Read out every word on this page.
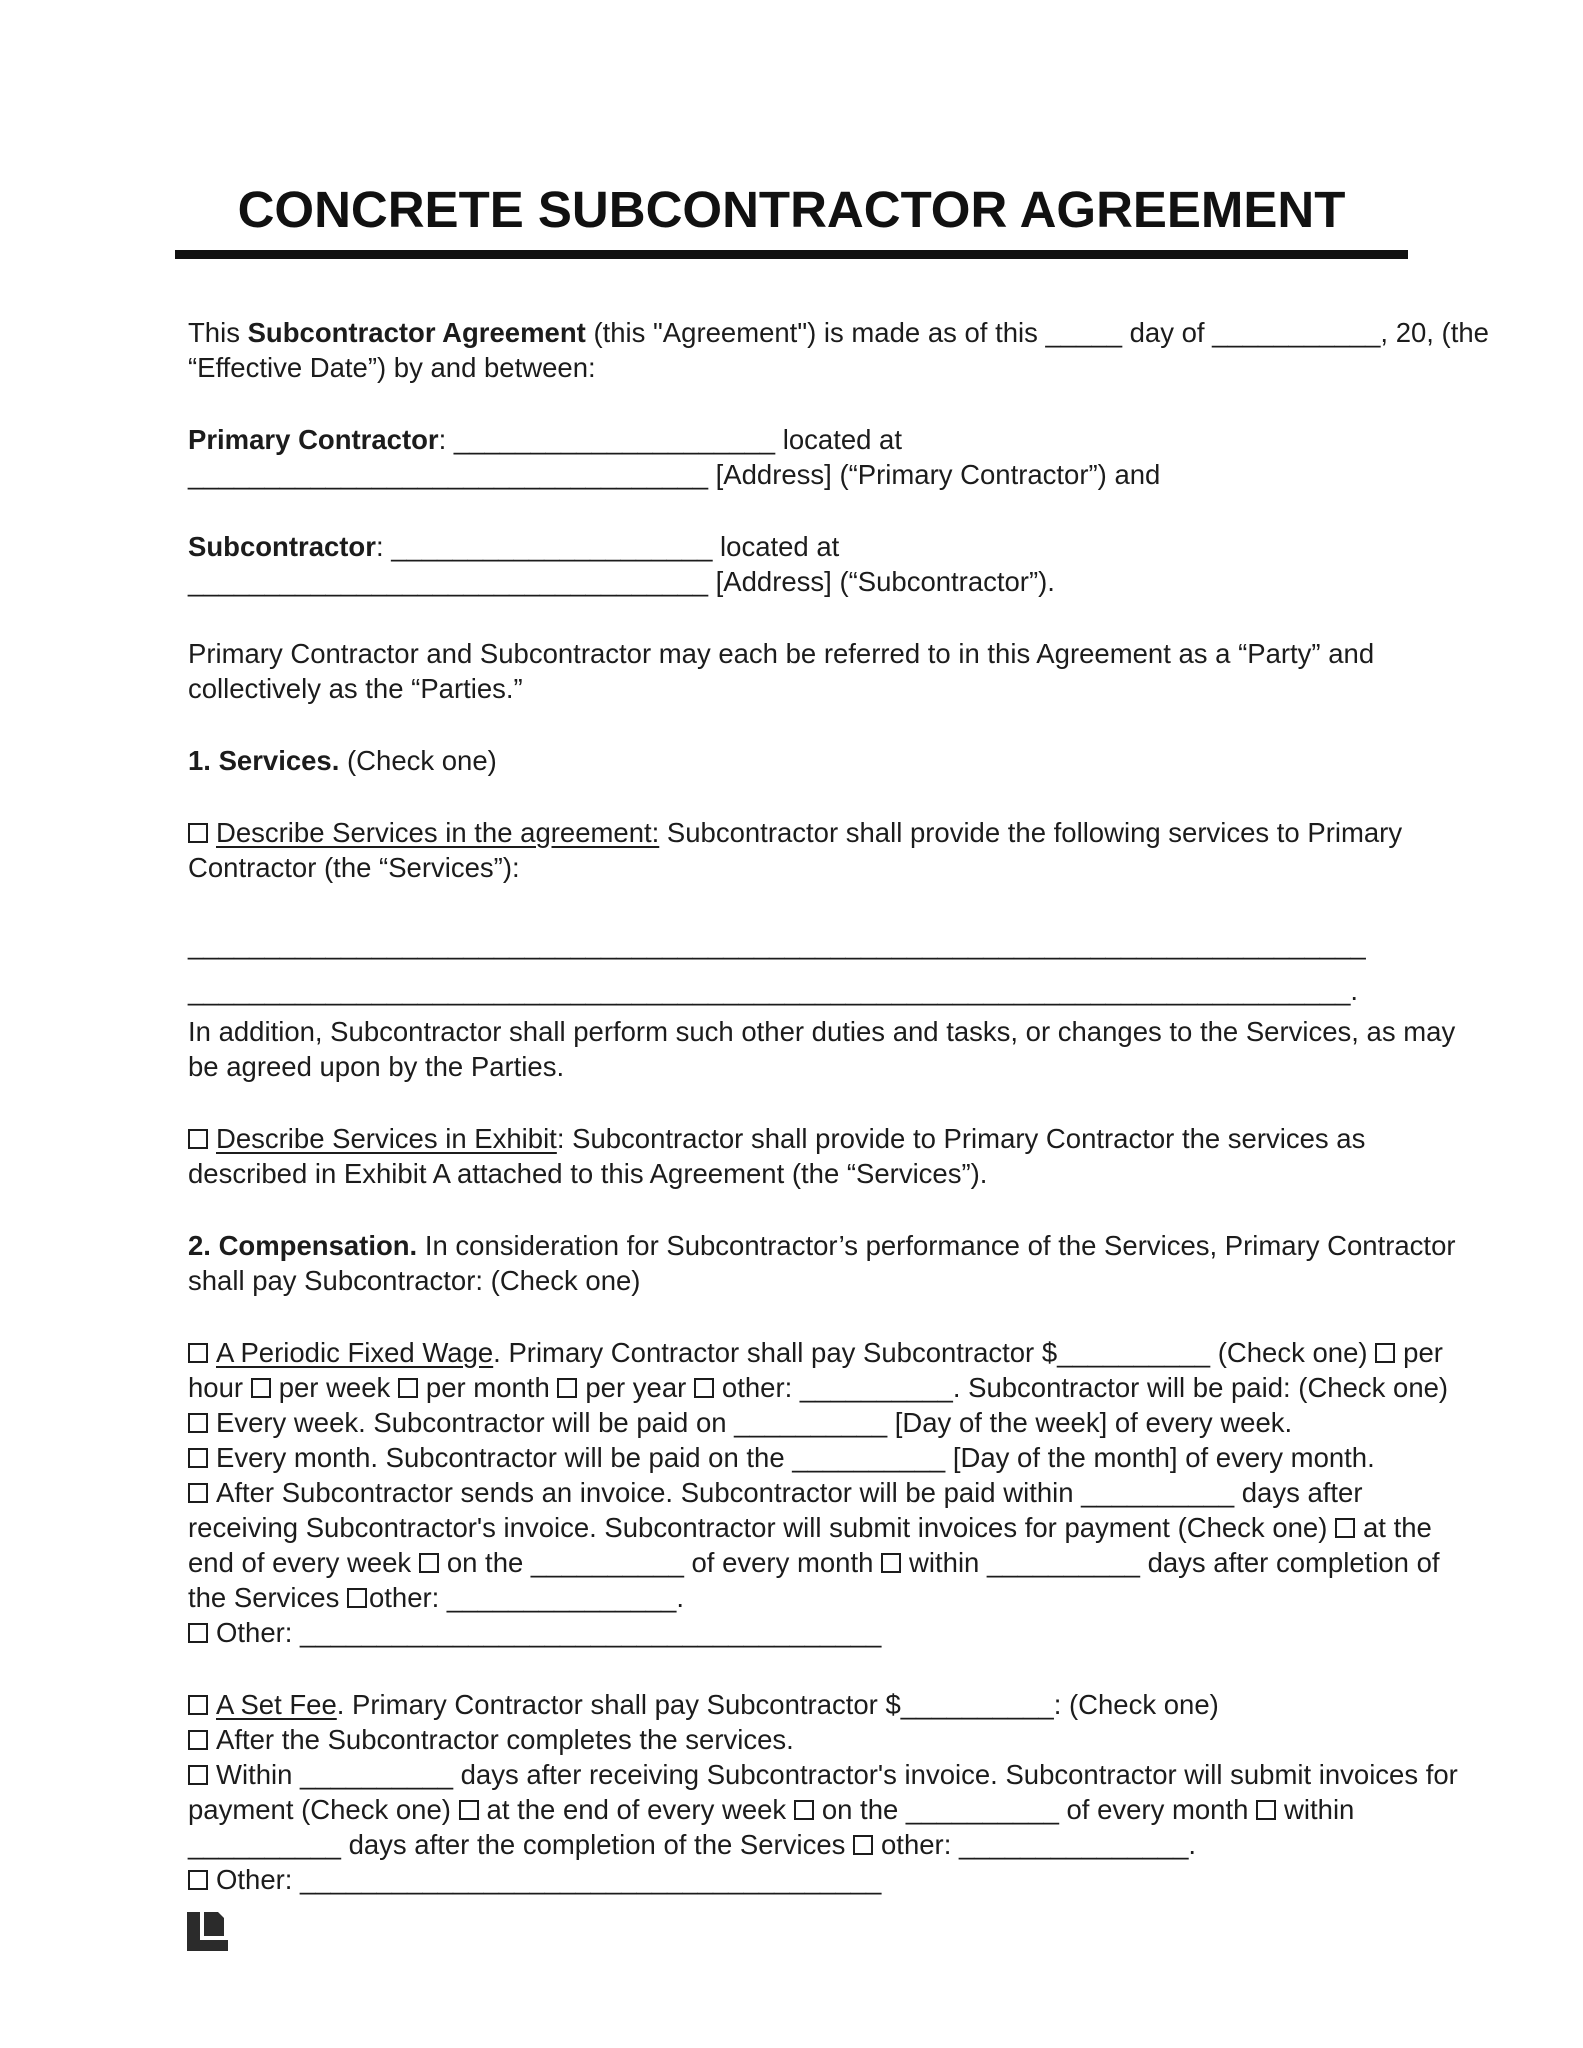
CONCRETE SUBCONTRACTOR AGREEMENT
This Subcontractor Agreement (this "Agreement") is made as of this _____ day of ___________, 20, (the
“Effective Date”) by and between:
Primary Contractor: _____________________ located at
__________________________________ [Address] (“Primary Contractor”) and
Subcontractor: _____________________ located at
__________________________________ [Address] (“Subcontractor”).
Primary Contractor and Subcontractor may each be referred to in this Agreement as a “Party” and
collectively as the “Parties.”
1. Services. (Check one)
Describe Services in the agreement: Subcontractor shall provide the following services to Primary
Contractor (the “Services”):
_____________________________________________________________________________
____________________________________________________________________________.
In addition, Subcontractor shall perform such other duties and tasks, or changes to the Services, as may
be agreed upon by the Parties.
Describe Services in Exhibit: Subcontractor shall provide to Primary Contractor the services as
described in Exhibit A attached to this Agreement (the “Services”).
2. Compensation. In consideration for Subcontractor’s performance of the Services, Primary Contractor
shall pay Subcontractor: (Check one)
A Periodic Fixed Wage. Primary Contractor shall pay Subcontractor $__________ (Check one) per
hour per week per month per year other: __________. Subcontractor will be paid: (Check one)
Every week. Subcontractor will be paid on __________ [Day of the week] of every week.
Every month. Subcontractor will be paid on the __________ [Day of the month] of every month.
After Subcontractor sends an invoice. Subcontractor will be paid within __________ days after
receiving Subcontractor's invoice. Subcontractor will submit invoices for payment (Check one) at the
end of every week on the __________ of every month within __________ days after completion of
the Services other: _______________.
Other: ______________________________________
A Set Fee. Primary Contractor shall pay Subcontractor $__________: (Check one)
After the Subcontractor completes the services.
Within __________ days after receiving Subcontractor's invoice. Subcontractor will submit invoices for
payment (Check one) at the end of every week on the __________ of every month within
__________ days after the completion of the Services other: _______________.
Other: ______________________________________
